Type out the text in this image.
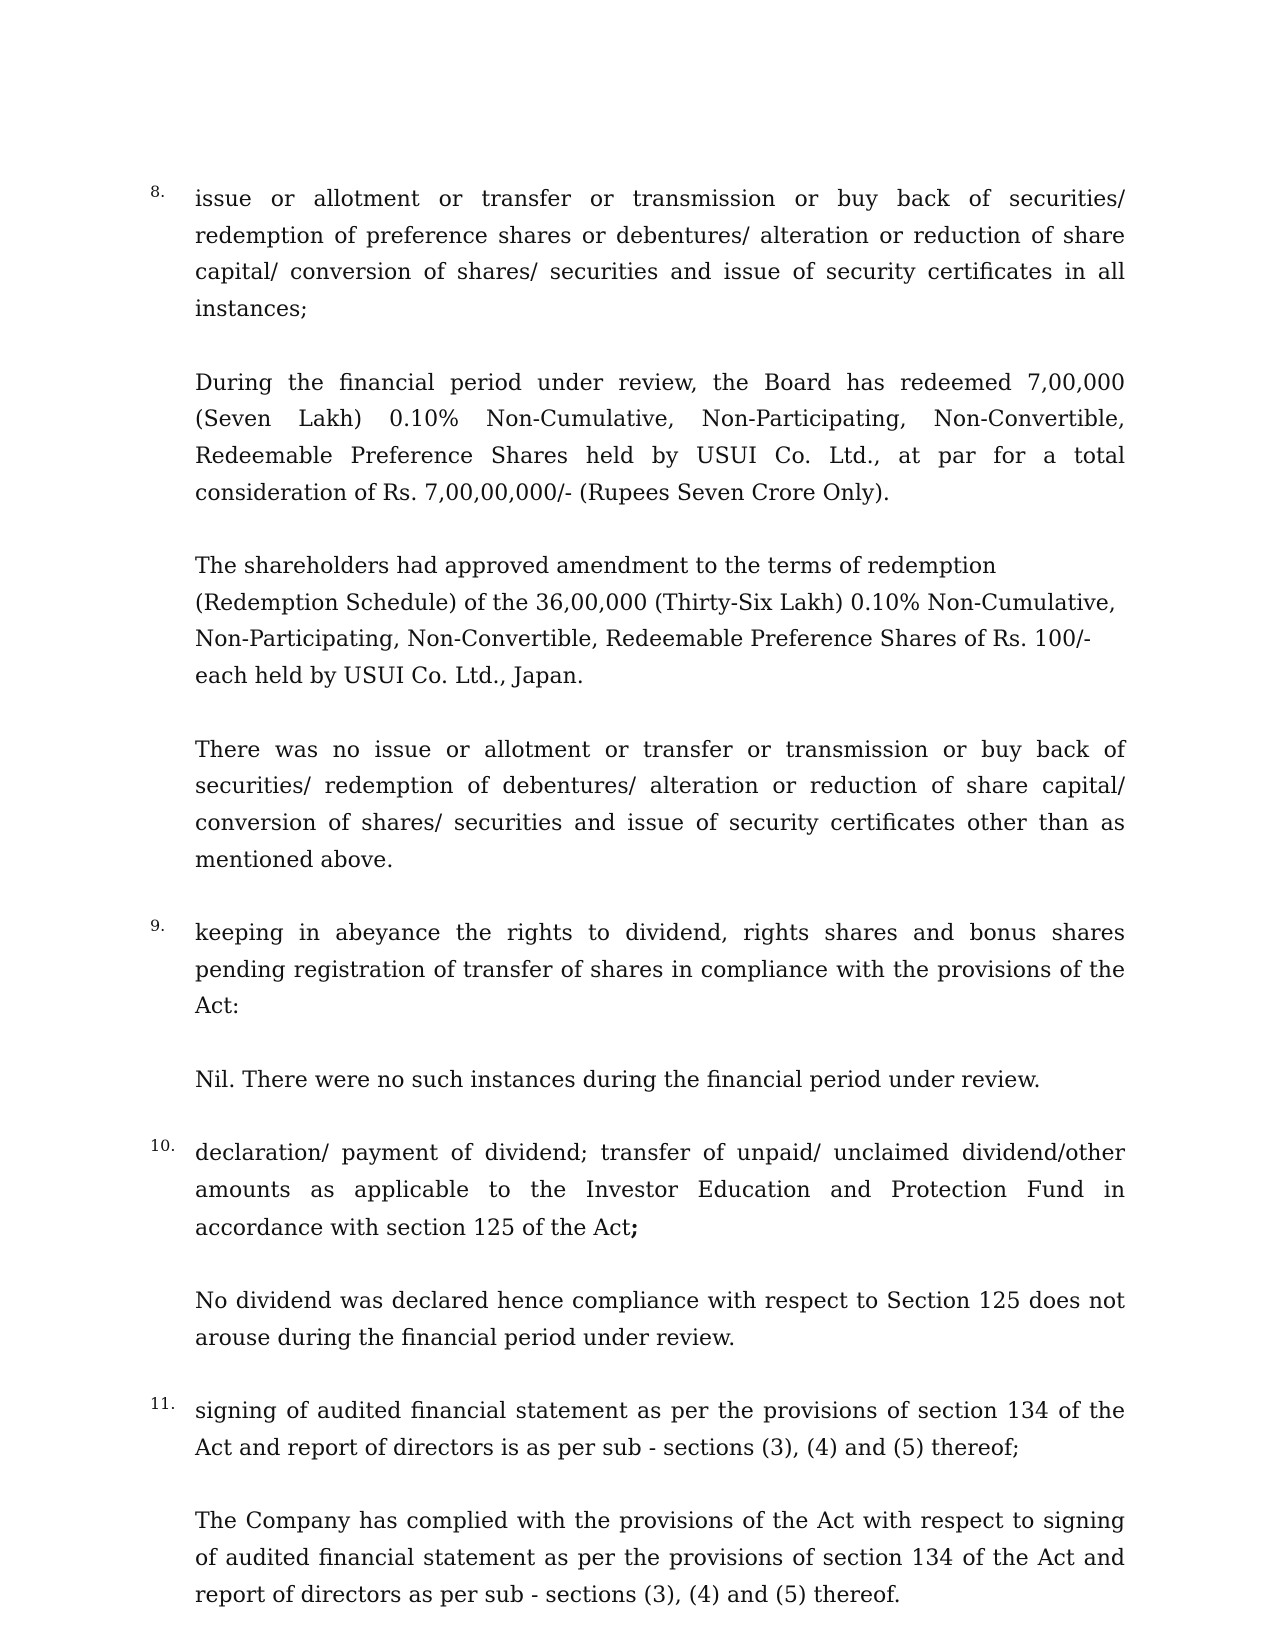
8.	issue or allotment or transfer or transmission or buy back of securities/ redemption of preference shares or debentures/ alteration or reduction of share capital/ conversion of shares/ securities and issue of security certificates in all instances;

During the financial period under review, the Board has redeemed 7,00,000 (Seven Lakh) 0.10% Non-Cumulative, Non-Participating, Non-Convertible, Redeemable Preference Shares held by USUI Co. Ltd., at par for a total consideration of Rs. 7,00,00,000/- (Rupees Seven Crore Only).

The shareholders had approved amendment to the terms of redemption (Redemption Schedule) of the 36,00,000 (Thirty-Six Lakh) 0.10% Non-Cumulative, Non-Participating, Non-Convertible, Redeemable Preference Shares of Rs. 100/- each held by USUI Co. Ltd., Japan.

There was no issue or allotment or transfer or transmission or buy back of securities/ redemption of debentures/ alteration or reduction of share capital/ conversion of shares/ securities and issue of security certificates other than as mentioned above.

9.	keeping in abeyance the rights to dividend, rights shares and bonus shares pending registration of transfer of shares in compliance with the provisions of the Act:

Nil. There were no such instances during the financial period under review.

10. declaration/ payment of dividend; transfer of unpaid/ unclaimed dividend/other amounts as applicable to the Investor Education and Protection Fund in accordance with section 125 of the Act;

No dividend was declared hence compliance with respect to Section 125 does not arouse during the financial period under review.

11. signing of audited financial statement as per the provisions of section 134 of the Act and report of directors is as per sub - sections (3), (4) and (5) thereof;

The Company has complied with the provisions of the Act with respect to signing of audited financial statement as per the provisions of section 134 of the Act and report of directors as per sub - sections (3), (4) and (5) thereof.
